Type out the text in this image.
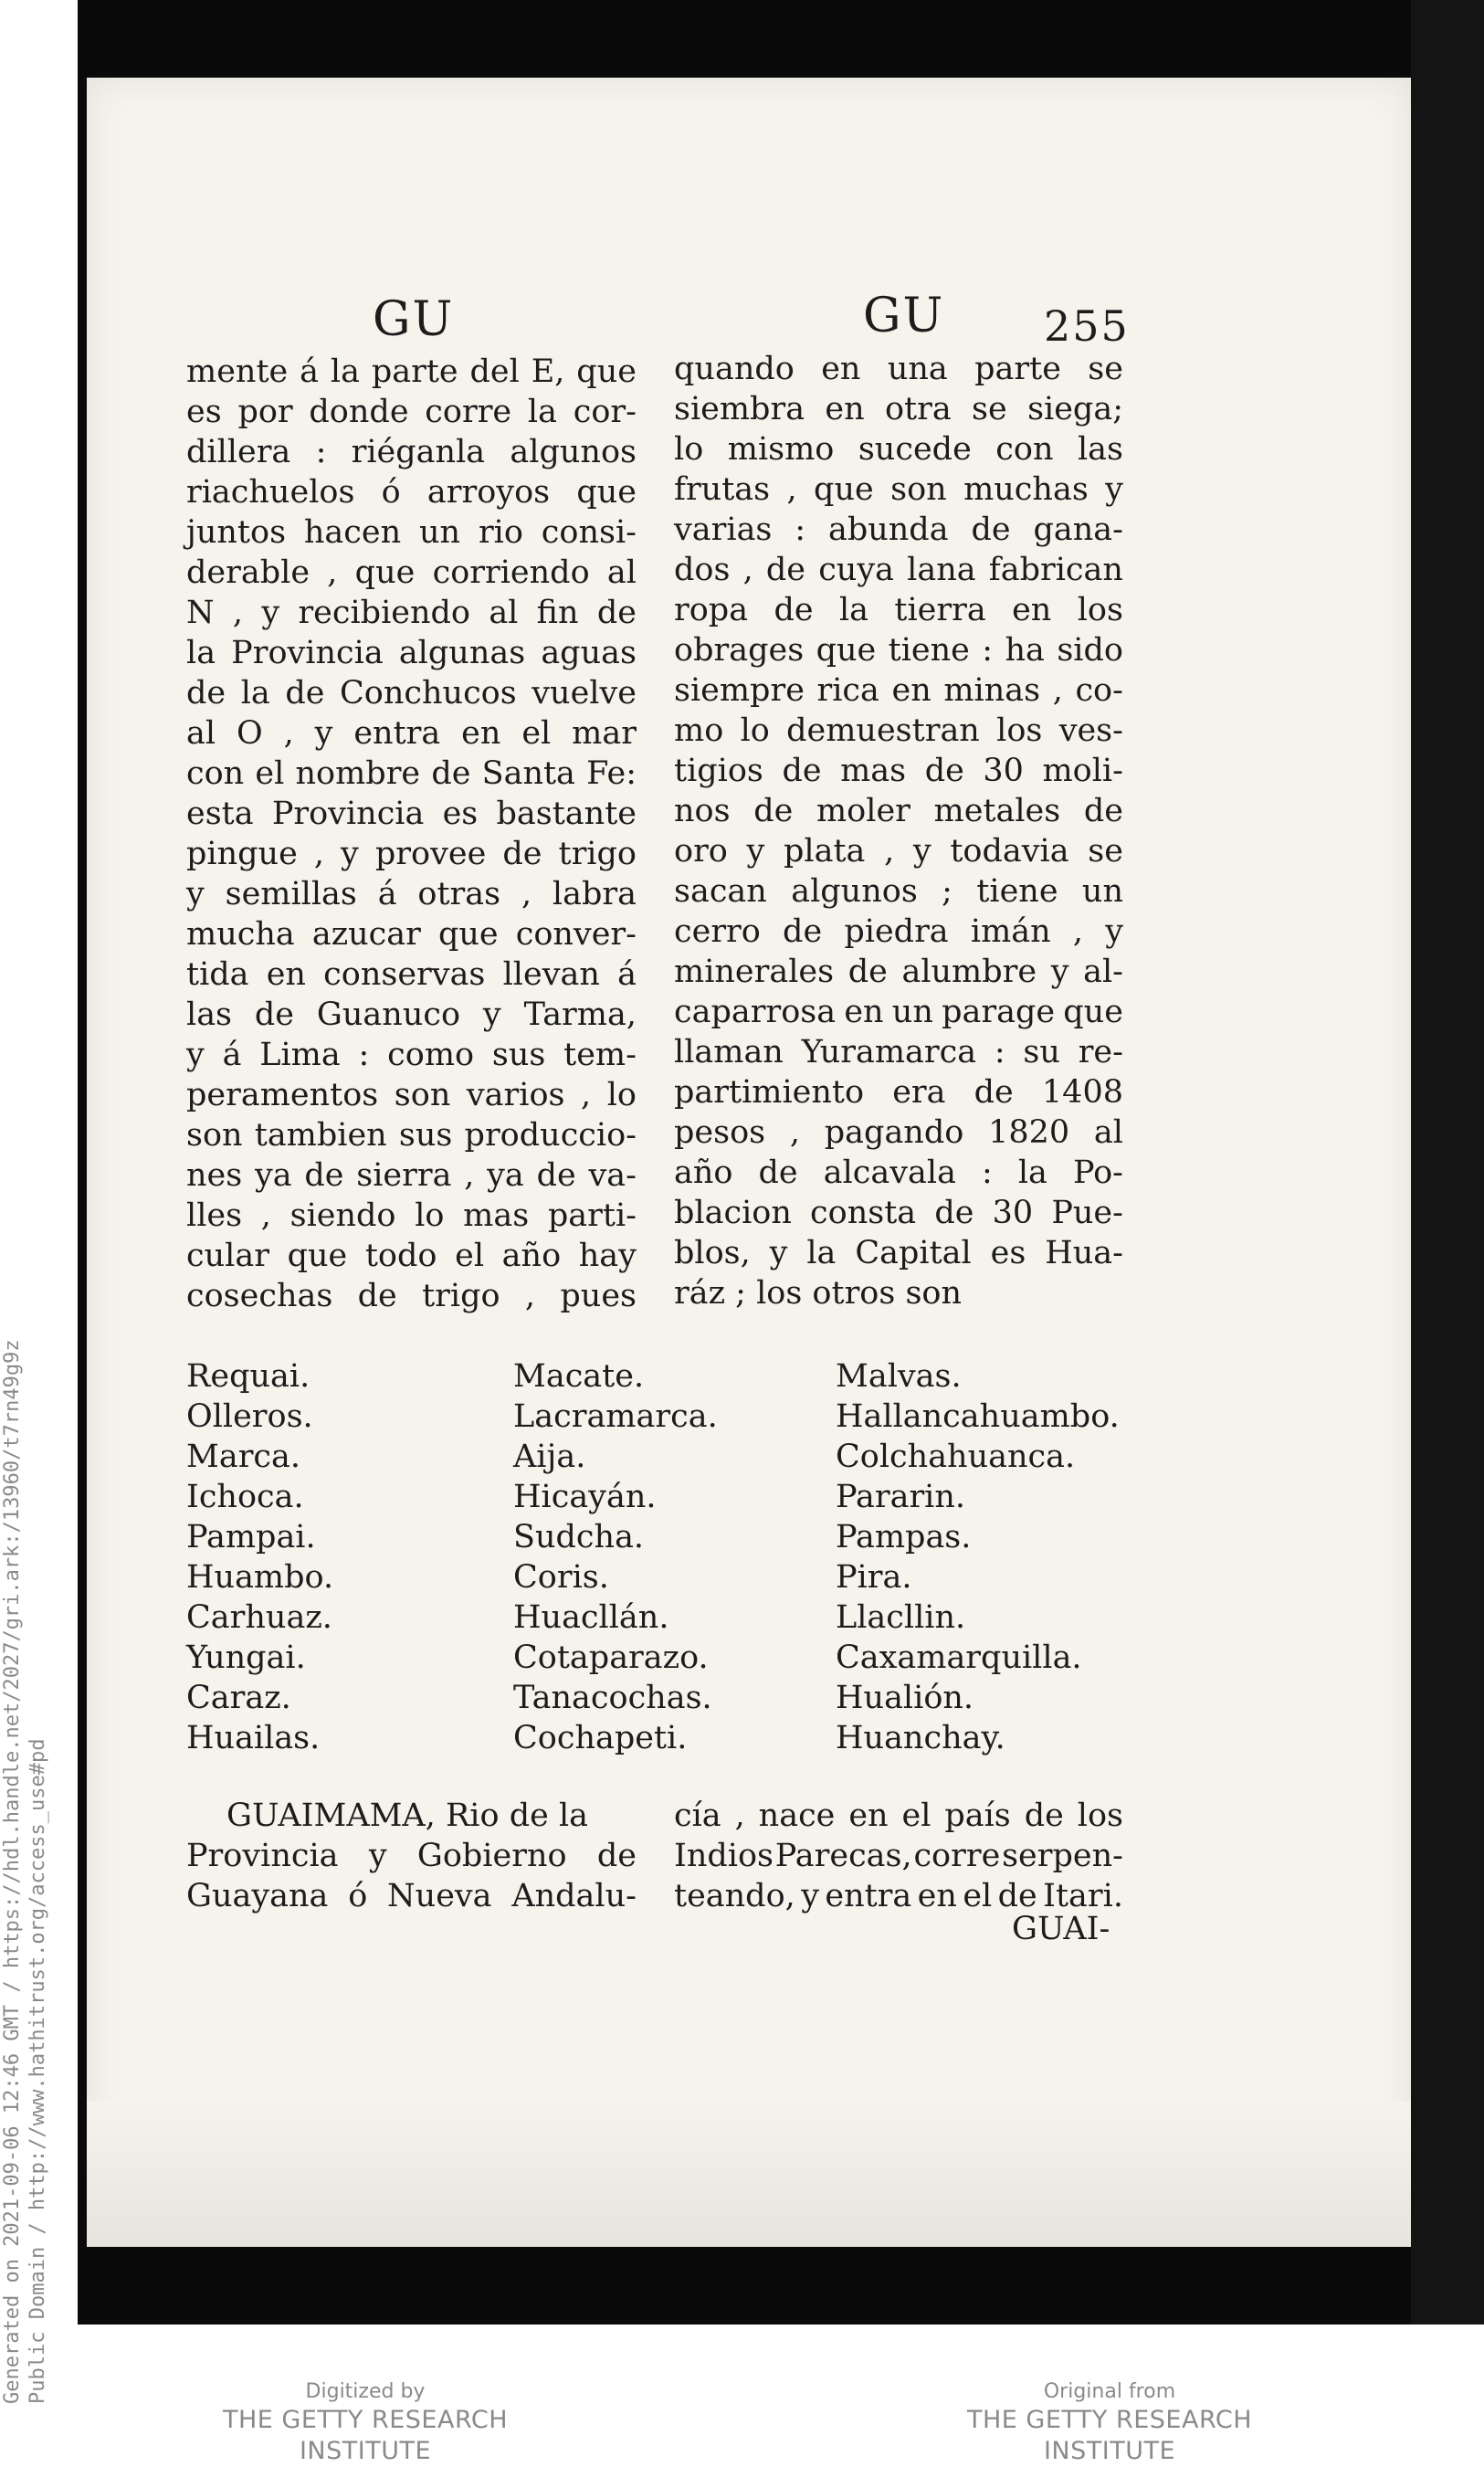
Generated on 2021-09-06 12:46 GMT / https://hdl.handle.net/2027/gri.ark:/13960/t7rn49g9z Public Domain / http://www.hathitrust.org/access_use#pd
GU	GU 255
mente á la parte del E, que
es por donde corre la cor-
dillera : riéganla algunos
riachuelos ó arroyos que
juntos hacen un rio consi-
derable , que corriendo al
N , y recibiendo al fin de
la Provincia algunas aguas
de la de Conchucos vuelve
al O , y entra en el mar
con el nombre de Santa Fe:
esta Provincia es bastante
pingue , y provee de trigo
y semillas á otras , labra
mucha azucar que conver-
tida en conservas llevan á
las de Guanuco y Tarma,
y á Lima : como sus tem-
peramentos son varios , lo
son tambien sus produccio-
nes ya de sierra , ya de va-
lles , siendo lo mas parti-
cular que todo el año hay
cosechas de trigo , pues
quando en una parte se
siembra en otra se siega;
lo mismo sucede con las
frutas , que son muchas y
varias : abunda de gana-
dos , de cuya lana fabrican
ropa de la tierra en los
obrages que tiene : ha sido
siempre rica en minas , co-
mo lo demuestran los ves-
tigios de mas de 30 moli-
nos de moler metales de
oro y plata , y todavia se
sacan algunos ; tiene un
cerro de piedra imán , y
minerales de alumbre y al-
caparrosa en un parage que
llaman Yuramarca : su re-
partimiento era de 1408
pesos , pagando 1820 al
año de alcavala : la Po-
blacion consta de 30 Pue-
blos, y la Capital es Hua-
ráz ; los otros son
Requai.
Olleros.
Marca.
Ichoca.
Pampai.
Huambo.
Carhuaz.
Yungai.
Caraz.
Huailas.
Macate.
Lacramarca.
Aija.
Hicayán.
Sudcha.
Coris.
Huacllán.
Cotaparazo.
Tanacochas.
Cochapeti.
Malvas.
Hallancahuambo.
Colchahuanca.
Pararin.
Pampas.
Pira.
Llacllin.
Caxamarquilla.
Hualión.
Huanchay.
GUAIMAMA, Rio de la
Provincia y Gobierno de
Guayana ó Nueva Andalu-
cía , nace en el país de los
Indios Parecas, corre serpen-
teando, y entra en el de Itari.
GUAI-
Digitized by
THE GETTY RESEARCH INSTITUTE
Original from
THE GETTY RESEARCH INSTITUTE
